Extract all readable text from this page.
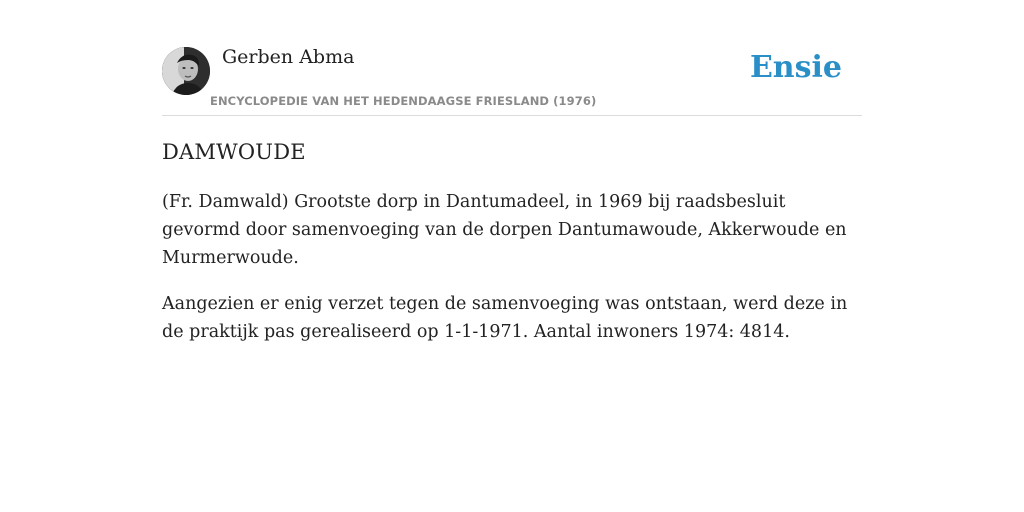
Gerben Abma
ENCYCLOPEDIE VAN HET HEDENDAAGSE FRIESLAND (1976)
Ensie
DAMWOUDE

(Fr. Damwald) Grootste dorp in Dantumadeel, in 1969 bij raadsbesluit gevormd door samenvoeging van de dorpen Dantumawoude, Akkerwoude en Murmerwoude.

Aangezien er enig verzet tegen de samenvoeging was ontstaan, werd deze in de praktijk pas gerealiseerd op 1-1-1971. Aantal inwoners 1974: 4814.
